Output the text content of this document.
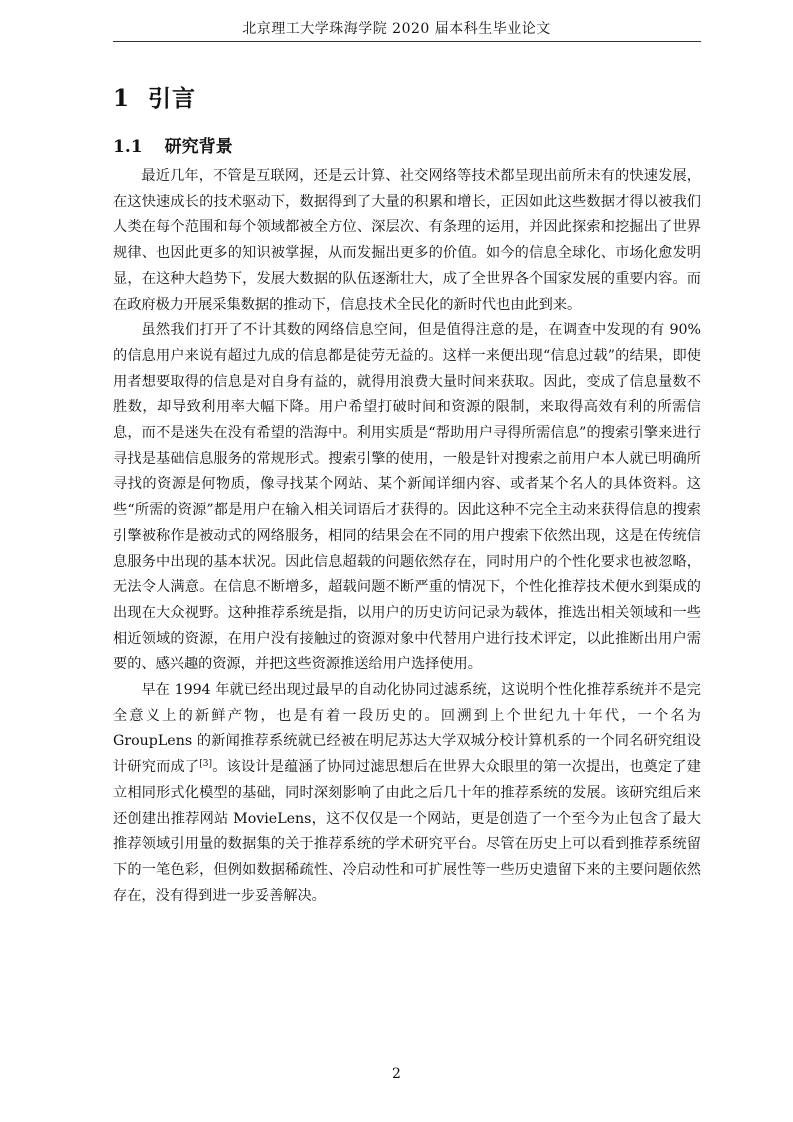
北京理工大学珠海学院 2020 届本科生毕业论文
1 引言
1.1 研究背景

最近几年，不管是互联网，还是云计算、社交网络等技术都呈现出前所未有的快速发展，在这快速成长的技术驱动下，数据得到了大量的积累和增长，正因如此这些数据才得以被我们人类在每个范围和每个领域都被全方位、深层次、有条理的运用，并因此探索和挖掘出了世界规律、也因此更多的知识被掌握，从而发掘出更多的价值。如今的信息全球化、市场化愈发明显，在这种大趋势下，发展大数据的队伍逐渐壮大，成了全世界各个国家发展的重要内容。而在政府极力开展采集数据的推动下，信息技术全民化的新时代也由此到来。

虽然我们打开了不计其数的网络信息空间，但是值得注意的是，在调查中发现的有 90% 的信息用户来说有超过九成的信息都是徒劳无益的。这样一来便出现“信息过载”的结果，即使用者想要取得的信息是对自身有益的，就得用浪费大量时间来获取。因此，变成了信息量数不胜数，却导致利用率大幅下降。用户希望打破时间和资源的限制，来取得高效有利的所需信息，而不是迷失在没有希望的浩海中。利用实质是“帮助用户寻得所需信息”的搜索引擎来进行寻找是基础信息服务的常规形式。搜索引擎的使用，一般是针对搜索之前用户本人就已明确所寻找的资源是何物质，像寻找某个网站、某个新闻详细内容、或者某个名人的具体资料。这些“所需的资源”都是用户在输入相关词语后才获得的。因此这种不完全主动来获得信息的搜索引擎被称作是被动式的网络服务，相同的结果会在不同的用户搜索下依然出现，这是在传统信息服务中出现的基本状况。因此信息超载的问题依然存在，同时用户的个性化要求也被忽略，无法令人满意。在信息不断增多，超载问题不断严重的情况下，个性化推荐技术便水到渠成的出现在大众视野。这种推荐系统是指，以用户的历史访问记录为载体，推选出相关领域和一些相近领域的资源，在用户没有接触过的资源对象中代替用户进行技术评定，以此推断出用户需要的、感兴趣的资源，并把这些资源推送给用户选择使用。

早在 1994 年就已经出现过最早的自动化协同过滤系统，这说明个性化推荐系统并不是完全意义上的新鲜产物，也是有着一段历史的。回溯到上个世纪九十年代，一个名为 GroupLens 的新闻推荐系统就已经被在明尼苏达大学双城分校计算机系的一个同名研究组设计研究而成了[3]。该设计是蕴涵了协同过滤思想后在世界大众眼里的第一次提出，也奠定了建立相同形式化模型的基础，同时深刻影响了由此之后几十年的推荐系统的发展。该研究组后来还创建出推荐网站 MovieLens，这不仅仅是一个网站，更是创造了一个至今为止包含了最大推荐领域引用量的数据集的关于推荐系统的学术研究平台。尽管在历史上可以看到推荐系统留下的一笔色彩，但例如数据稀疏性、冷启动性和可扩展性等一些历史遗留下来的主要问题依然存在，没有得到进一步妥善解决。

2
